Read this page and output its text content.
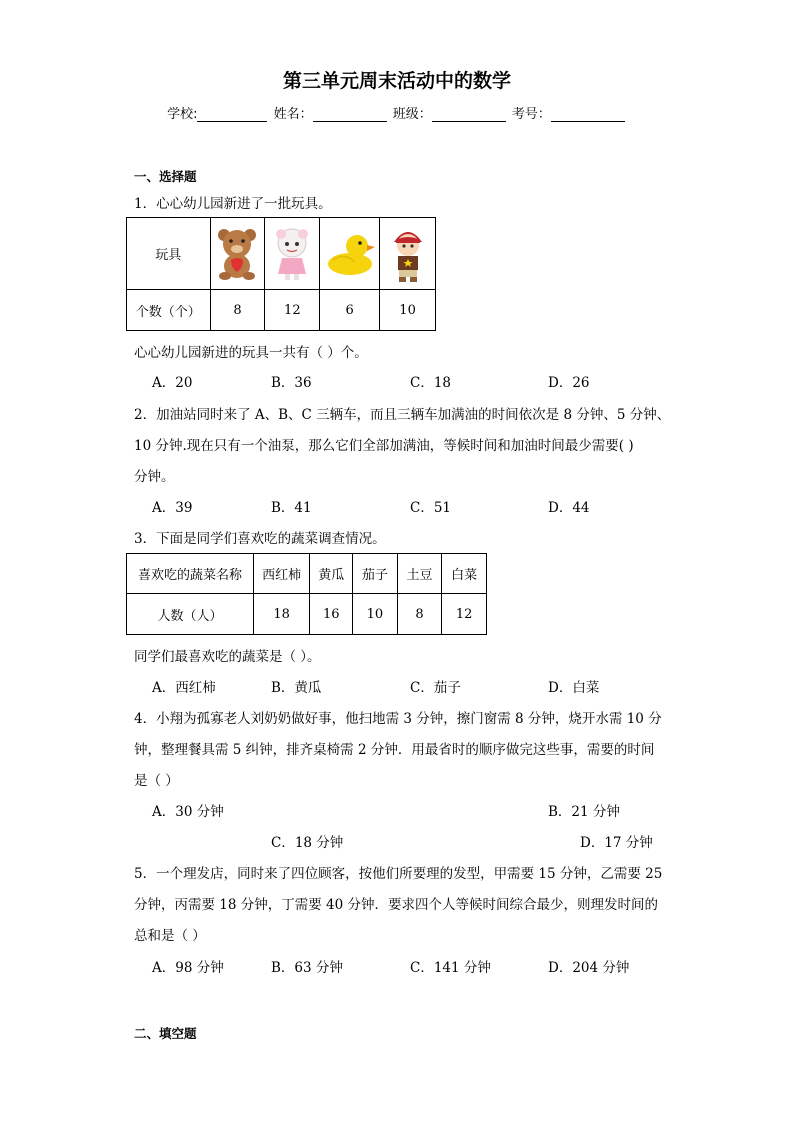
第三单元周末活动中的数学
学校:	姓名：	班级：	考号：
一、选择题
1．心心幼儿园新进了一批玩具。
玩具	

个数（个）	8	12	6	10
心心幼儿园新进的玩具一共有（ ）个。
A．20	B．36	C．18	D．26
2．加油站同时来了 A、B、C 三辆车，而且三辆车加满油的时间依次是 8 分钟、5 分钟、
10 分钟.现在只有一个油泵，那么它们全部加满油，等候时间和加油时间最少需要( )
分钟。
A．39	B．41	C．51	D．44
3．下面是同学们喜欢吃的蔬菜调查情况。
喜欢吃的蔬菜名称	西红柿	黄瓜	茄子	土豆	白菜
人数（人）	18	16	10	8	12
同学们最喜欢吃的蔬菜是（ ）。
A．西红柿	B．黄瓜	C．茄子	D．白菜
4．小翔为孤寡老人刘奶奶做好事，他扫地需 3 分钟，擦门窗需 8 分钟，烧开水需 10 分
钟，整理餐具需 5 纠钟，排齐桌椅需 2 分钟．用最省时的顺序做完这些事，需要的时间
是（ ）
A．30 分钟	B．21 分钟
C．18 分钟	D．17 分钟
5．一个理发店，同时来了四位顾客，按他们所要理的发型，甲需要 15 分钟，乙需要 25
分钟，丙需要 18 分钟，丁需要 40 分钟．要求四个人等候时间综合最少，则理发时间的
总和是（ ）
A．98 分钟	B．63 分钟	C．141 分钟	D．204 分钟
二、填空题
